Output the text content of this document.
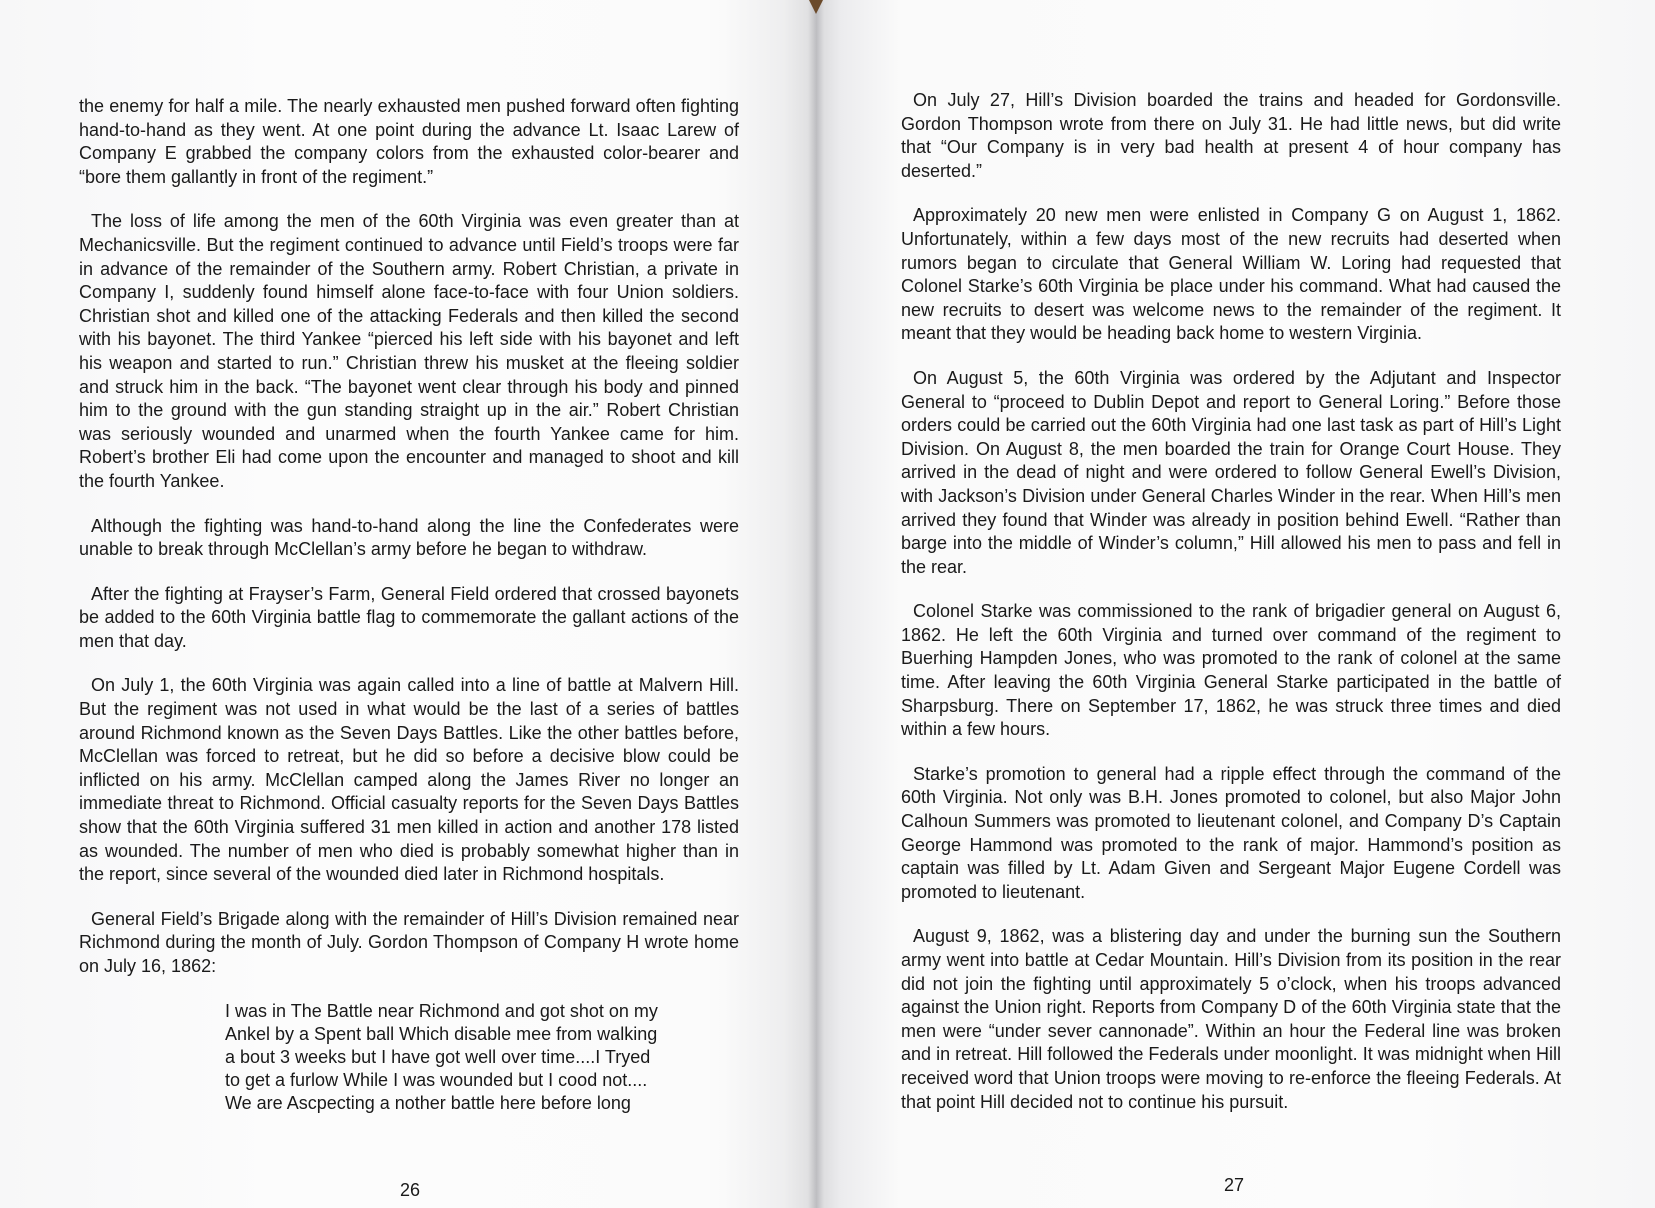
the enemy for half a mile. The nearly exhausted men pushed forward often fighting hand-to-hand as they went. At one point during the advance Lt. Isaac Larew of Company E grabbed the company colors from the exhausted color-bearer and “bore them gallantly in front of the regiment.”

The loss of life among the men of the 60th Virginia was even greater than at Mechanicsville. But the regiment continued to advance until Field’s troops were far in advance of the remainder of the Southern army. Robert Christian, a private in Company I, suddenly found himself alone face-to-face with four Union soldiers. Christian shot and killed one of the attacking Federals and then killed the second with his bayonet. The third Yankee “pierced his left side with his bayonet and left his weapon and started to run.” Christian threw his musket at the fleeing soldier and struck him in the back. “The bayonet went clear through his body and pinned him to the ground with the gun standing straight up in the air.” Robert Christian was seriously wounded and unarmed when the fourth Yankee came for him. Robert’s brother Eli had come upon the encounter and managed to shoot and kill the fourth Yankee.

Although the fighting was hand-to-hand along the line the Confederates were unable to break through McClellan’s army before he began to withdraw.

After the fighting at Frayser’s Farm, General Field ordered that crossed bayonets be added to the 60th Virginia battle flag to commemorate the gallant actions of the men that day.

On July 1, the 60th Virginia was again called into a line of battle at Malvern Hill. But the regiment was not used in what would be the last of a series of battles around Richmond known as the Seven Days Battles. Like the other battles before, McClellan was forced to retreat, but he did so before a decisive blow could be inflicted on his army. McClellan camped along the James River no longer an immediate threat to Richmond. Official casualty reports for the Seven Days Battles show that the 60th Virginia suffered 31 men killed in action and another 178 listed as wounded. The number of men who died is probably somewhat higher than in the report, since several of the wounded died later in Richmond hospitals.

General Field’s Brigade along with the remainder of Hill’s Division remained near Richmond during the month of July. Gordon Thompson of Company H wrote home on July 16, 1862:

I was in The Battle near Richmond and got shot on my
Ankel by a Spent ball Which disable mee from walking
a bout 3 weeks but I have got well over time....I Tryed
to get a furlow While I was wounded but I cood not....
We are Ascpecting a nother battle here before long
26

On July 27, Hill’s Division boarded the trains and headed for Gordonsville. Gordon Thompson wrote from there on July 31. He had little news, but did write that “Our Company is in very bad health at present 4 of hour company has deserted.”

Approximately 20 new men were enlisted in Company G on August 1, 1862. Unfortunately, within a few days most of the new recruits had deserted when rumors began to circulate that General William W. Loring had requested that Colonel Starke’s 60th Virginia be place under his command. What had caused the new recruits to desert was welcome news to the remainder of the regiment. It meant that they would be heading back home to western Virginia.

On August 5, the 60th Virginia was ordered by the Adjutant and Inspector General to “proceed to Dublin Depot and report to General Loring.” Before those orders could be carried out the 60th Virginia had one last task as part of Hill’s Light Division. On August 8, the men boarded the train for Orange Court House. They arrived in the dead of night and were ordered to follow General Ewell’s Division, with Jackson’s Division under General Charles Winder in the rear. When Hill’s men arrived they found that Winder was already in position behind Ewell. “Rather than barge into the middle of Winder’s column,” Hill allowed his men to pass and fell in the rear.

Colonel Starke was commissioned to the rank of brigadier general on August 6, 1862. He left the 60th Virginia and turned over command of the regiment to Buerhing Hampden Jones, who was promoted to the rank of colonel at the same time. After leaving the 60th Virginia General Starke participated in the battle of Sharpsburg. There on September 17, 1862, he was struck three times and died within a few hours.

Starke’s promotion to general had a ripple effect through the command of the 60th Virginia. Not only was B.H. Jones promoted to colonel, but also Major John Calhoun Summers was promoted to lieutenant colonel, and Company D’s Captain George Hammond was promoted to the rank of major. Hammond’s position as captain was filled by Lt. Adam Given and Sergeant Major Eugene Cordell was promoted to lieutenant.

August 9, 1862, was a blistering day and under the burning sun the Southern army went into battle at Cedar Mountain. Hill’s Division from its position in the rear did not join the fighting until approximately 5 o’clock, when his troops advanced against the Union right. Reports from Company D of the 60th Virginia state that the men were “under sever cannonade”. Within an hour the Federal line was broken and in retreat. Hill followed the Federals under moonlight. It was midnight when Hill received word that Union troops were moving to re-enforce the fleeing Federals. At that point Hill decided not to continue his pursuit.

27
